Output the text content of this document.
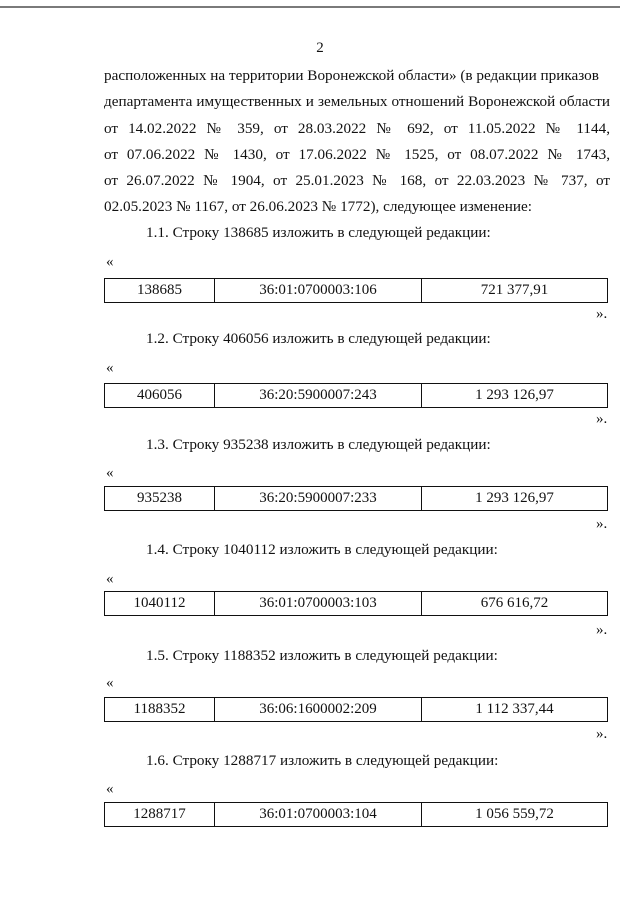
2
расположенных на территории Воронежской области» (в редакции приказов
департамента имущественных и земельных отношений Воронежской области
от 14.02.2022 № 359, от 28.03.2022 № 692, от 11.05.2022 № 1144,
от 07.06.2022 № 1430, от 17.06.2022 № 1525, от 08.07.2022 № 1743,
от 26.07.2022 № 1904, от 25.01.2023 № 168, от 22.03.2023 № 737, от
02.05.2023 № 1167, от 26.06.2023 № 1772), следующее изменение:
1.1. Строку 138685 изложить в следующей редакции:
«
138685	36:01:0700003:106	721 377,91
».
1.2. Строку 406056 изложить в следующей редакции:
«
406056	36:20:5900007:243	1 293 126,97
».
1.3. Строку 935238 изложить в следующей редакции:
«
935238	36:20:5900007:233	1 293 126,97
».
1.4. Строку 1040112 изложить в следующей редакции:
«
1040112	36:01:0700003:103	676 616,72
».
1.5. Строку 1188352 изложить в следующей редакции:
«
1188352	36:06:1600002:209	1 112 337,44
».
1.6. Строку 1288717 изложить в следующей редакции:
«
1288717	36:01:0700003:104	1 056 559,72
